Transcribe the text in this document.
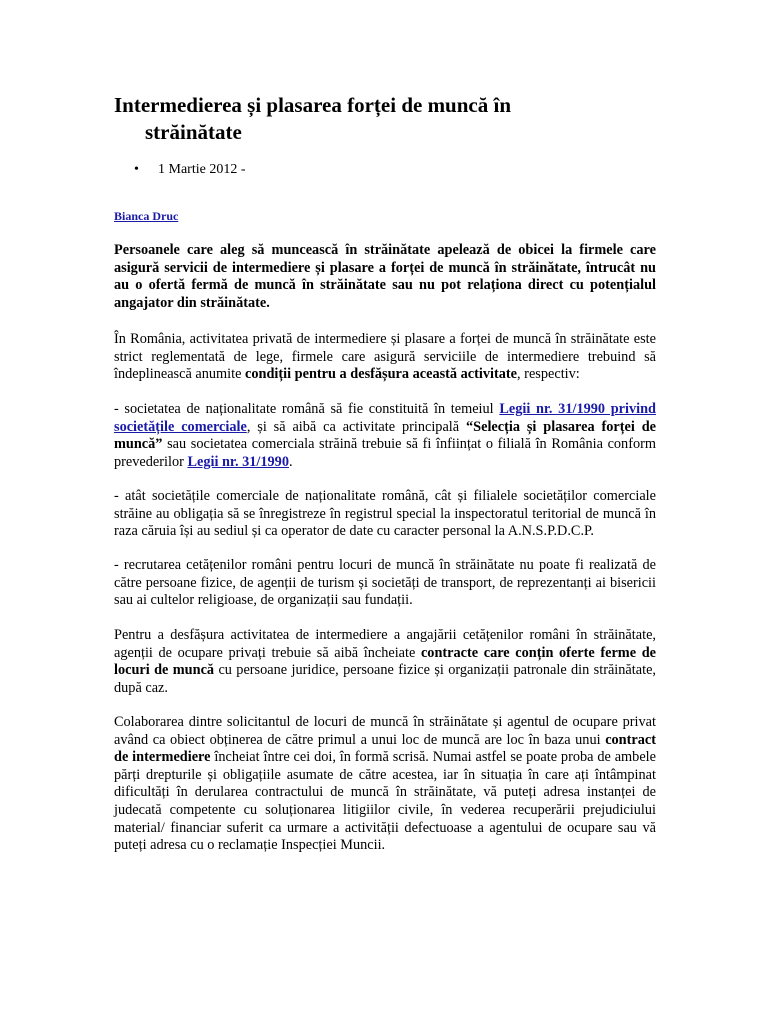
Intermedierea și plasarea forței de muncă în
străinătate
• 1 Martie 2012 -
Bianca Druc

Persoanele care aleg să muncească în străinătate apelează de obicei la firmele care asigură servicii de intermediere și plasare a forței de muncă în străinătate, întrucât nu au o ofertă fermă de muncă în străinătate sau nu pot relaționa direct cu potențialul angajator din străinătate.

În România, activitatea privată de intermediere și plasare a forței de muncă în străinătate este strict reglementată de lege, firmele care asigură serviciile de intermediere trebuind să îndeplinească anumite condiții pentru a desfășura această activitate, respectiv:

- societatea de naționalitate română să fie constituită în temeiul Legii nr. 31/1990 privind societățile comerciale, și să aibă ca activitate principală “Selecția și plasarea forței de muncă” sau societatea comerciala străină trebuie să fi înființat o filială în România conform prevederilor Legii nr. 31/1990.

- atât societățile comerciale de naționalitate română, cât și filialele societăților comerciale străine au obligația să se înregistreze în registrul special la inspectoratul teritorial de muncă în raza căruia își au sediul și ca operator de date cu caracter personal la A.N.S.P.D.C.P.

- recrutarea cetățenilor români pentru locuri de muncă în străinătate nu poate fi realizată de către persoane fizice, de agenții de turism și societăți de transport, de reprezentanți ai bisericii sau ai cultelor religioase, de organizații sau fundații.

Pentru a desfășura activitatea de intermediere a angajării cetățenilor români în străinătate, agenții de ocupare privați trebuie să aibă încheiate contracte care conțin oferte ferme de locuri de muncă cu persoane juridice, persoane fizice și organizații patronale din străinătate, după caz.

Colaborarea dintre solicitantul de locuri de muncă în străinătate și agentul de ocupare privat având ca obiect obținerea de către primul a unui loc de muncă are loc în baza unui contract de intermediere încheiat între cei doi, în formă scrisă. Numai astfel se poate proba de ambele părți drepturile și obligațiile asumate de către acestea, iar în situația în care ați întâmpinat dificultăți în derularea contractului de muncă în străinătate, vă puteți adresa instanței de judecată competente cu soluționarea litigiilor civile, în vederea recuperării prejudiciului material/ financiar suferit ca urmare a activității defectuoase a agentului de ocupare sau vă puteți adresa cu o reclamație Inspecției Muncii.
